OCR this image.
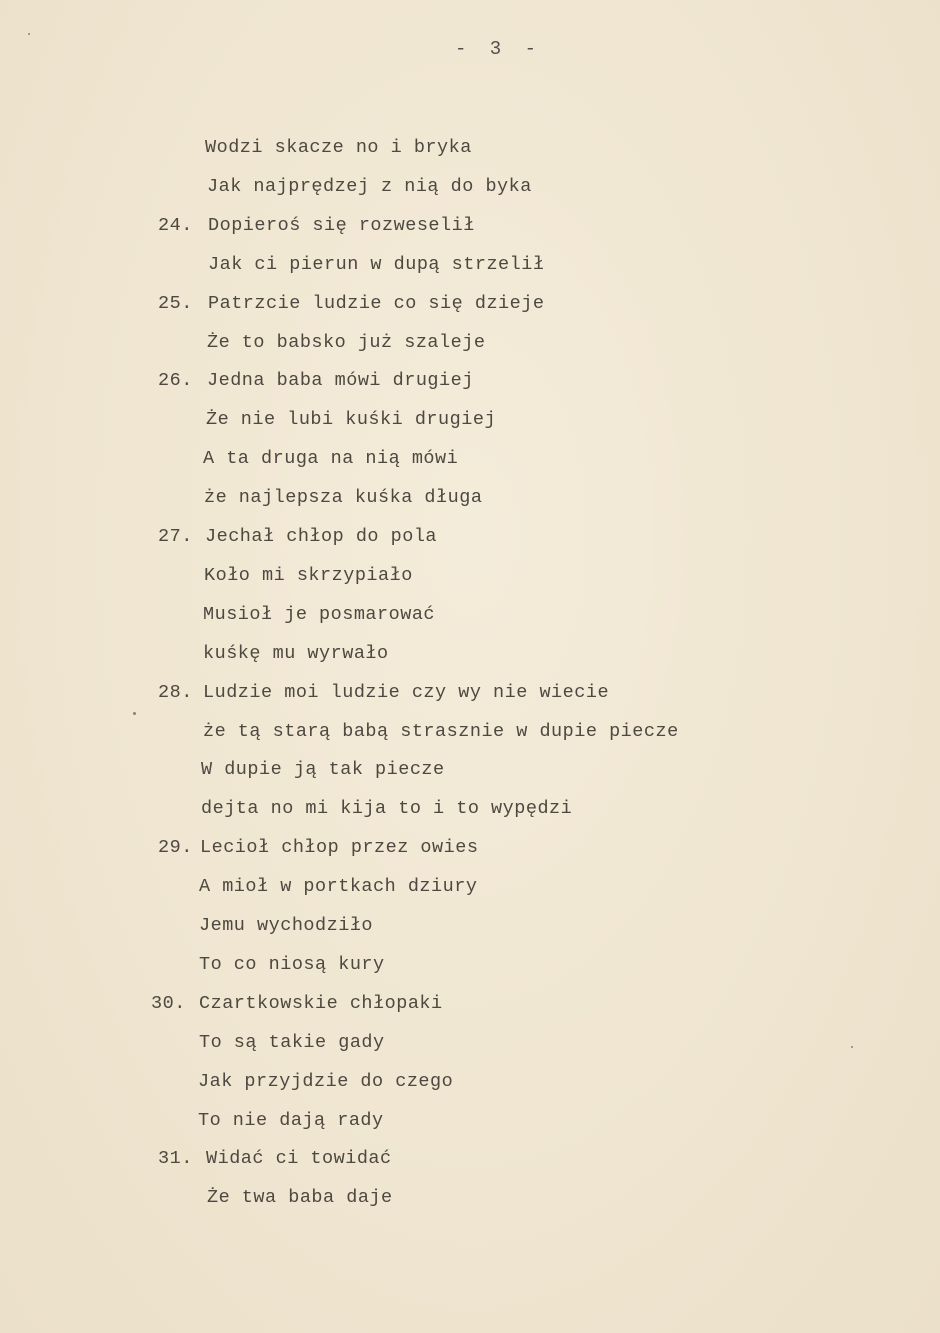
- 3 -
Wodzi skacze no i bryka
Jak najprędzej z nią do byka
24. Dopieroś się rozweselił
Jak ci pierun w dupą strzelił
25. Patrzcie ludzie co się dzieje
Że to babsko już szaleje
26. Jedna baba mówi drugiej
Że nie lubi kuśki drugiej
A ta druga na nią mówi
że najlepsza kuśka długa
27. Jechał chłop do pola
Koło mi skrzypiało
Musioł je posmarować
kuśkę mu wyrwało
28. Ludzie moi ludzie czy wy nie wiecie
że tą starą babą strasznie w dupie piecze
W dupie ją tak piecze
dejta no mi kija to i to wypędzi
29. Lecioł chłop przez owies
A mioł w portkach dziury
Jemu wychodziło
To co niosą kury
30. Czartkowskie chłopaki
To są takie gady
Jak przyjdzie do czego
To nie dają rady
31. Widać ci towidać
Że twa baba daje
